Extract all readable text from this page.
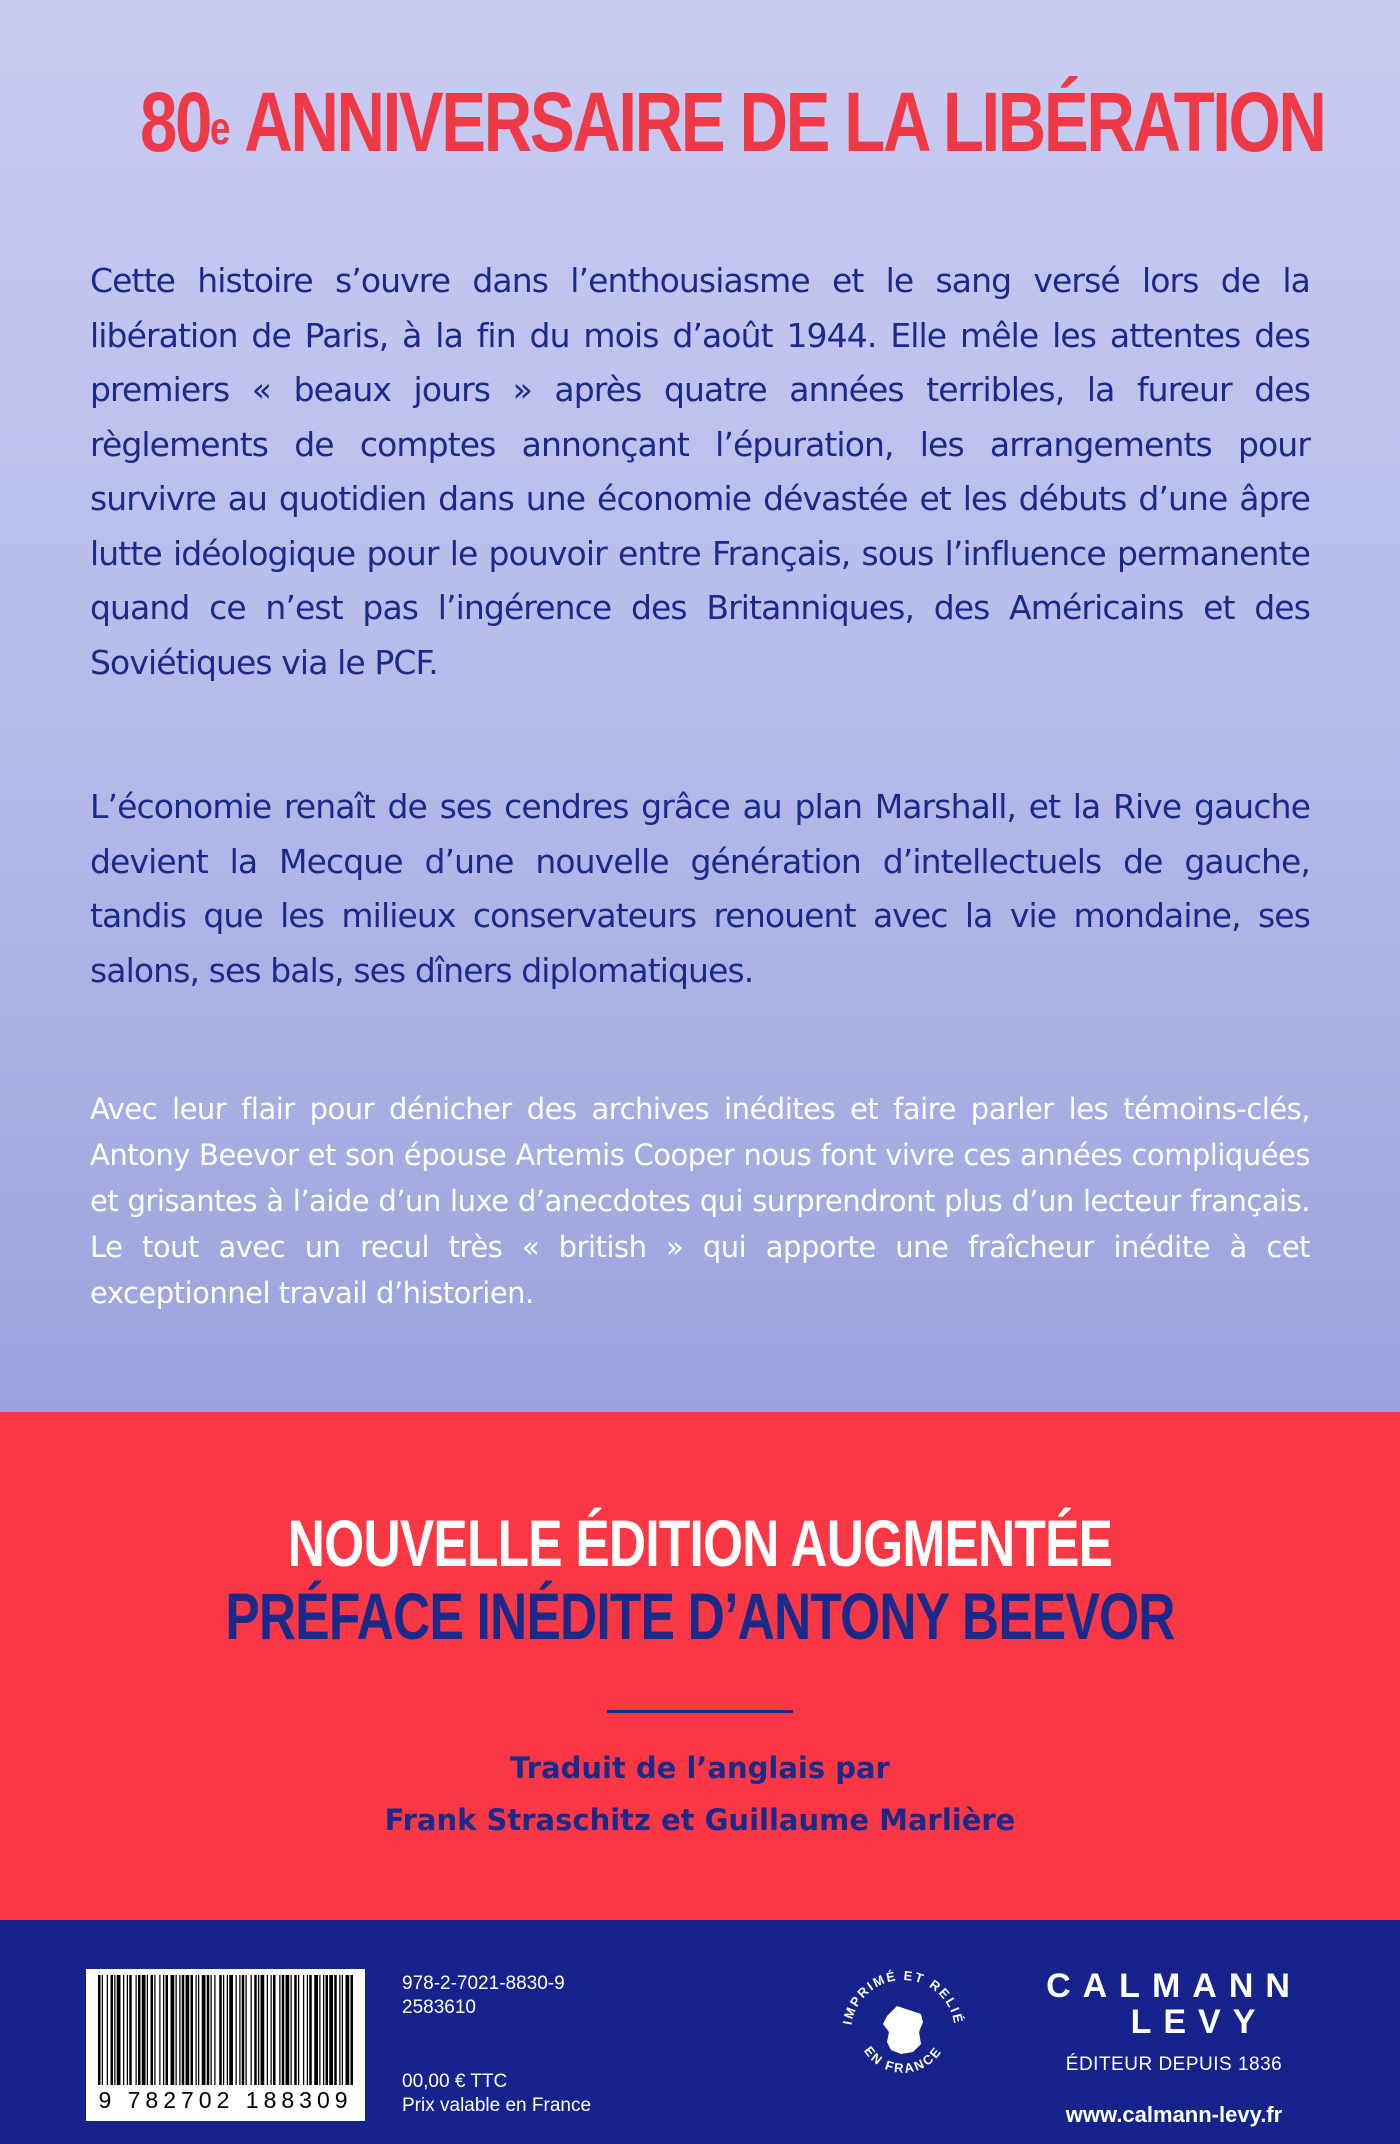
80e ANNIVERSAIRE DE LA LIBÉRATION

Cette histoire s’ouvre dans l’enthousiasme et le sang versé lors de la libération de Paris, à la fin du mois d’août 1944. Elle mêle les attentes des premiers « beaux jours » après quatre années terribles, la fureur des règlements de comptes annonçant l’épuration, les arrangements pour survivre au quotidien dans une économie dévastée et les débuts d’une âpre lutte idéologique pour le pouvoir entre Français, sous l’influence permanente quand ce n’est pas l’ingérence des Britanniques, des Américains et des Soviétiques via le PCF.

L’économie renaît de ses cendres grâce au plan Marshall, et la Rive gauche devient la Mecque d’une nouvelle génération d’intellectuels de gauche, tandis que les milieux conservateurs renouent avec la vie mondaine, ses salons, ses bals, ses dîners diplomatiques.

Avec leur flair pour dénicher des archives inédites et faire parler les témoins-clés, Antony Beevor et son épouse Artemis Cooper nous font vivre ces années compliquées et grisantes à l’aide d’un luxe d’anecdotes qui surprendront plus d’un lecteur français. Le tout avec un recul très « british » qui apporte une fraîcheur inédite à cet exceptionnel travail d’historien.

NOUVELLE ÉDITION AUGMENTÉE
PRÉFACE INÉDITE D’ANTONY BEEVOR
Traduit de l’anglais par
Frank Straschitz et Guillaume Marlière
9 782702 188309
978-2-7021-8830-9
2583610
00,00 € TTC
Prix valable en France
IMPRIMÉ ET RELIÉ
EN FRANCE
CALMANN
LEVY
ÉDITEUR DEPUIS 1836
www.calmann-levy.fr
